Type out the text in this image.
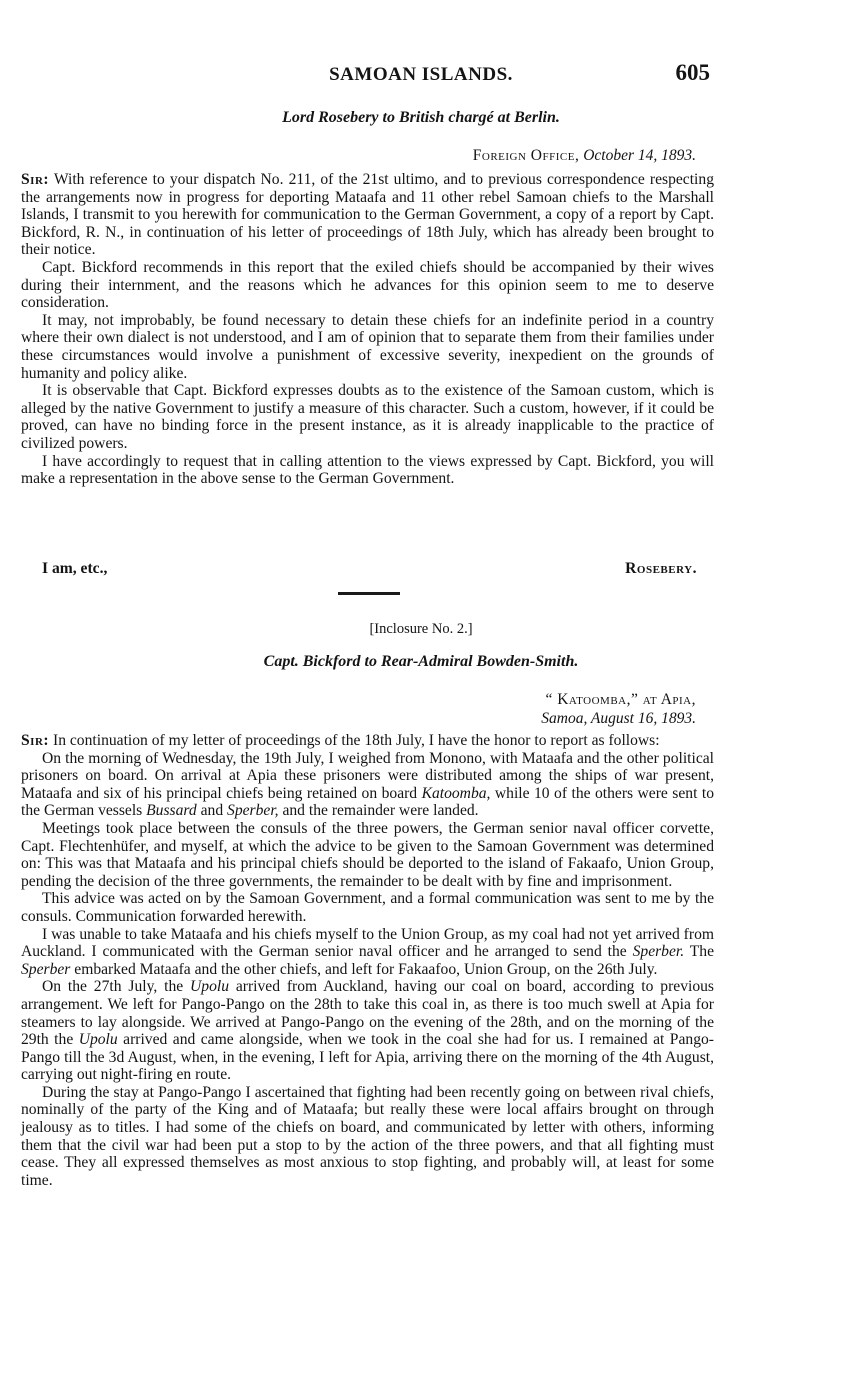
SAMOAN ISLANDS.	605
Lord Rosebery to British chargé at Berlin.
Foreign Office, October 14, 1893.

Sir: With reference to your dispatch No. 211, of the 21st ultimo, and to previous correspondence respecting the arrangements now in progress for deporting Mataafa and 11 other rebel Samoan chiefs to the Marshall Islands, I transmit to you herewith for communication to the German Government, a copy of a report by Capt. Bickford, R. N., in continuation of his letter of proceedings of 18th July, which has already been brought to their notice.

Capt. Bickford recommends in this report that the exiled chiefs should be accompanied by their wives during their internment, and the reasons which he advances for this opinion seem to me to deserve consideration.

It may, not improbably, be found necessary to detain these chiefs for an indefinite period in a country where their own dialect is not understood, and I am of opinion that to separate them from their families under these circumstances would involve a punishment of excessive severity, inexpedient on the grounds of humanity and policy alike.

It is observable that Capt. Bickford expresses doubts as to the existence of the Samoan custom, which is alleged by the native Government to justify a measure of this character. Such a custom, however, if it could be proved, can have no binding force in the present instance, as it is already inapplicable to the practice of civilized powers.

I have accordingly to request that in calling attention to the views expressed by Capt. Bickford, you will make a representation in the above sense to the German Government.

I am, etc.,	Rosebery.
[Inclosure No. 2.]
Capt. Bickford to Rear-Admiral Bowden-Smith.
“ Katoomba,” at Apia,
Samoa, August 16, 1893.

Sir: In continuation of my letter of proceedings of the 18th July, I have the honor to report as follows:

On the morning of Wednesday, the 19th July, I weighed from Monono, with Mataafa and the other political prisoners on board. On arrival at Apia these prisoners were distributed among the ships of war present, Mataafa and six of his principal chiefs being retained on board Katoomba, while 10 of the others were sent to the German vessels Bussard and Sperber, and the remainder were landed.

Meetings took place between the consuls of the three powers, the German senior naval officer corvette, Capt. Flechtenhüfer, and myself, at which the advice to be given to the Samoan Government was determined on: This was that Mataafa and his principal chiefs should be deported to the island of Fakaafo, Union Group, pending the decision of the three governments, the remainder to be dealt with by fine and imprisonment.

This advice was acted on by the Samoan Government, and a formal communication was sent to me by the consuls. Communication forwarded herewith.

I was unable to take Mataafa and his chiefs myself to the Union Group, as my coal had not yet arrived from Auckland. I communicated with the German senior naval officer and he arranged to send the Sperber. The Sperber embarked Mataafa and the other chiefs, and left for Fakaafoo, Union Group, on the 26th July.

On the 27th July, the Upolu arrived from Auckland, having our coal on board, according to previous arrangement. We left for Pango-Pango on the 28th to take this coal in, as there is too much swell at Apia for steamers to lay alongside. We arrived at Pango-Pango on the evening of the 28th, and on the morning of the 29th the Upolu arrived and came alongside, when we took in the coal she had for us. I remained at Pango-Pango till the 3d August, when, in the evening, I left for Apia, arriving there on the morning of the 4th August, carrying out night-firing en route.

During the stay at Pango-Pango I ascertained that fighting had been recently going on between rival chiefs, nominally of the party of the King and of Mataafa; but really these were local affairs brought on through jealousy as to titles. I had some of the chiefs on board, and communicated by letter with others, informing them that the civil war had been put a stop to by the action of the three powers, and that all fighting must cease. They all expressed themselves as most anxious to stop fighting, and probably will, at least for some time.
